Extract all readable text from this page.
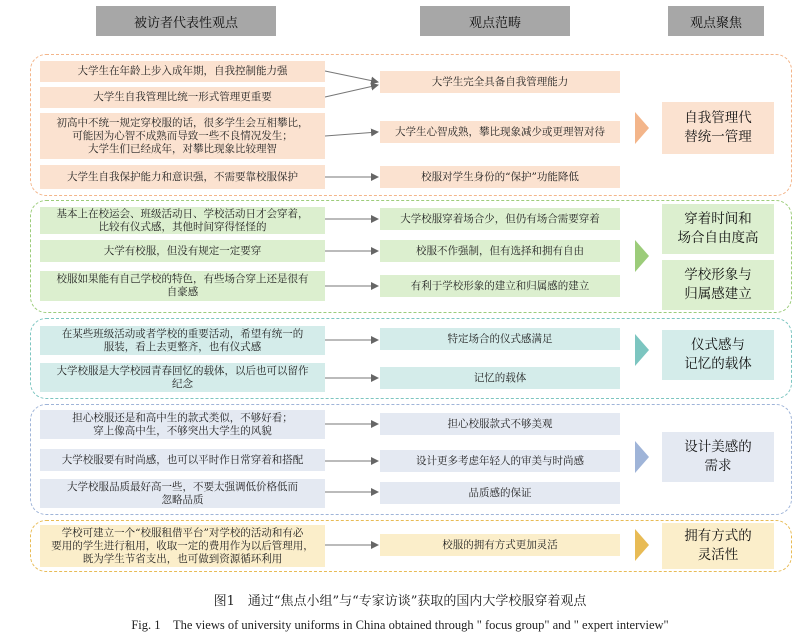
被访者代表性观点	观点范畴	观点聚焦
大学生在年龄上步入成年期，自我控制能力强
大学生自我管理比统一形式管理更重要
初高中不统一规定穿校服的话，很多学生会互相攀比，
可能因为心智不成熟而导致一些不良情况发生；
大学生们已经成年，对攀比现象比较理智
大学生自我保护能力和意识强，不需要靠校服保护
大学生完全具备自我管理能力
大学生心智成熟，攀比现象减少或更理智对待
校服对学生身份的“保护”功能降低
自我管理代
替统一管理
基本上在校运会、班级活动日、学校活动日才会穿着，
比较有仪式感，其他时间穿得怪怪的
大学有校服，但没有规定一定要穿
校服如果能有自己学校的特色，有些场合穿上还是很有
自豪感
大学校服穿着场合少，但仍有场合需要穿着
校服不作强制，但有选择和拥有自由
有利于学校形象的建立和归属感的建立
穿着时间和
场合自由度高
学校形象与
归属感建立
在某些班级活动或者学校的重要活动，希望有统一的
服装，看上去更整齐，也有仪式感
大学校服是大学校园青春回忆的载体，以后也可以留作
纪念
特定场合的仪式感满足
记忆的载体
仪式感与
记忆的载体
担心校服还是和高中生的款式类似，不够好看；
穿上像高中生，不够突出大学生的风貌
大学校服要有时尚感，也可以平时作日常穿着和搭配
大学校服品质最好高一些，不要太强调低价格低而
忽略品质
担心校服款式不够美观
设计更多考虑年轻人的审美与时尚感
品质感的保证
设计美感的
需求
学校可建立一个“校服租借平台”对学校的活动和有必
要用的学生进行租用，收取一定的费用作为以后管理用，
既为学生节省支出，也可做到资源循环利用
校服的拥有方式更加灵活
拥有方式的
灵活性
图1　通过“焦点小组”与“专家访谈”获取的国内大学校服穿着观点
Fig. 1　The views of university uniforms in China obtained through " focus group" and " expert interview"
